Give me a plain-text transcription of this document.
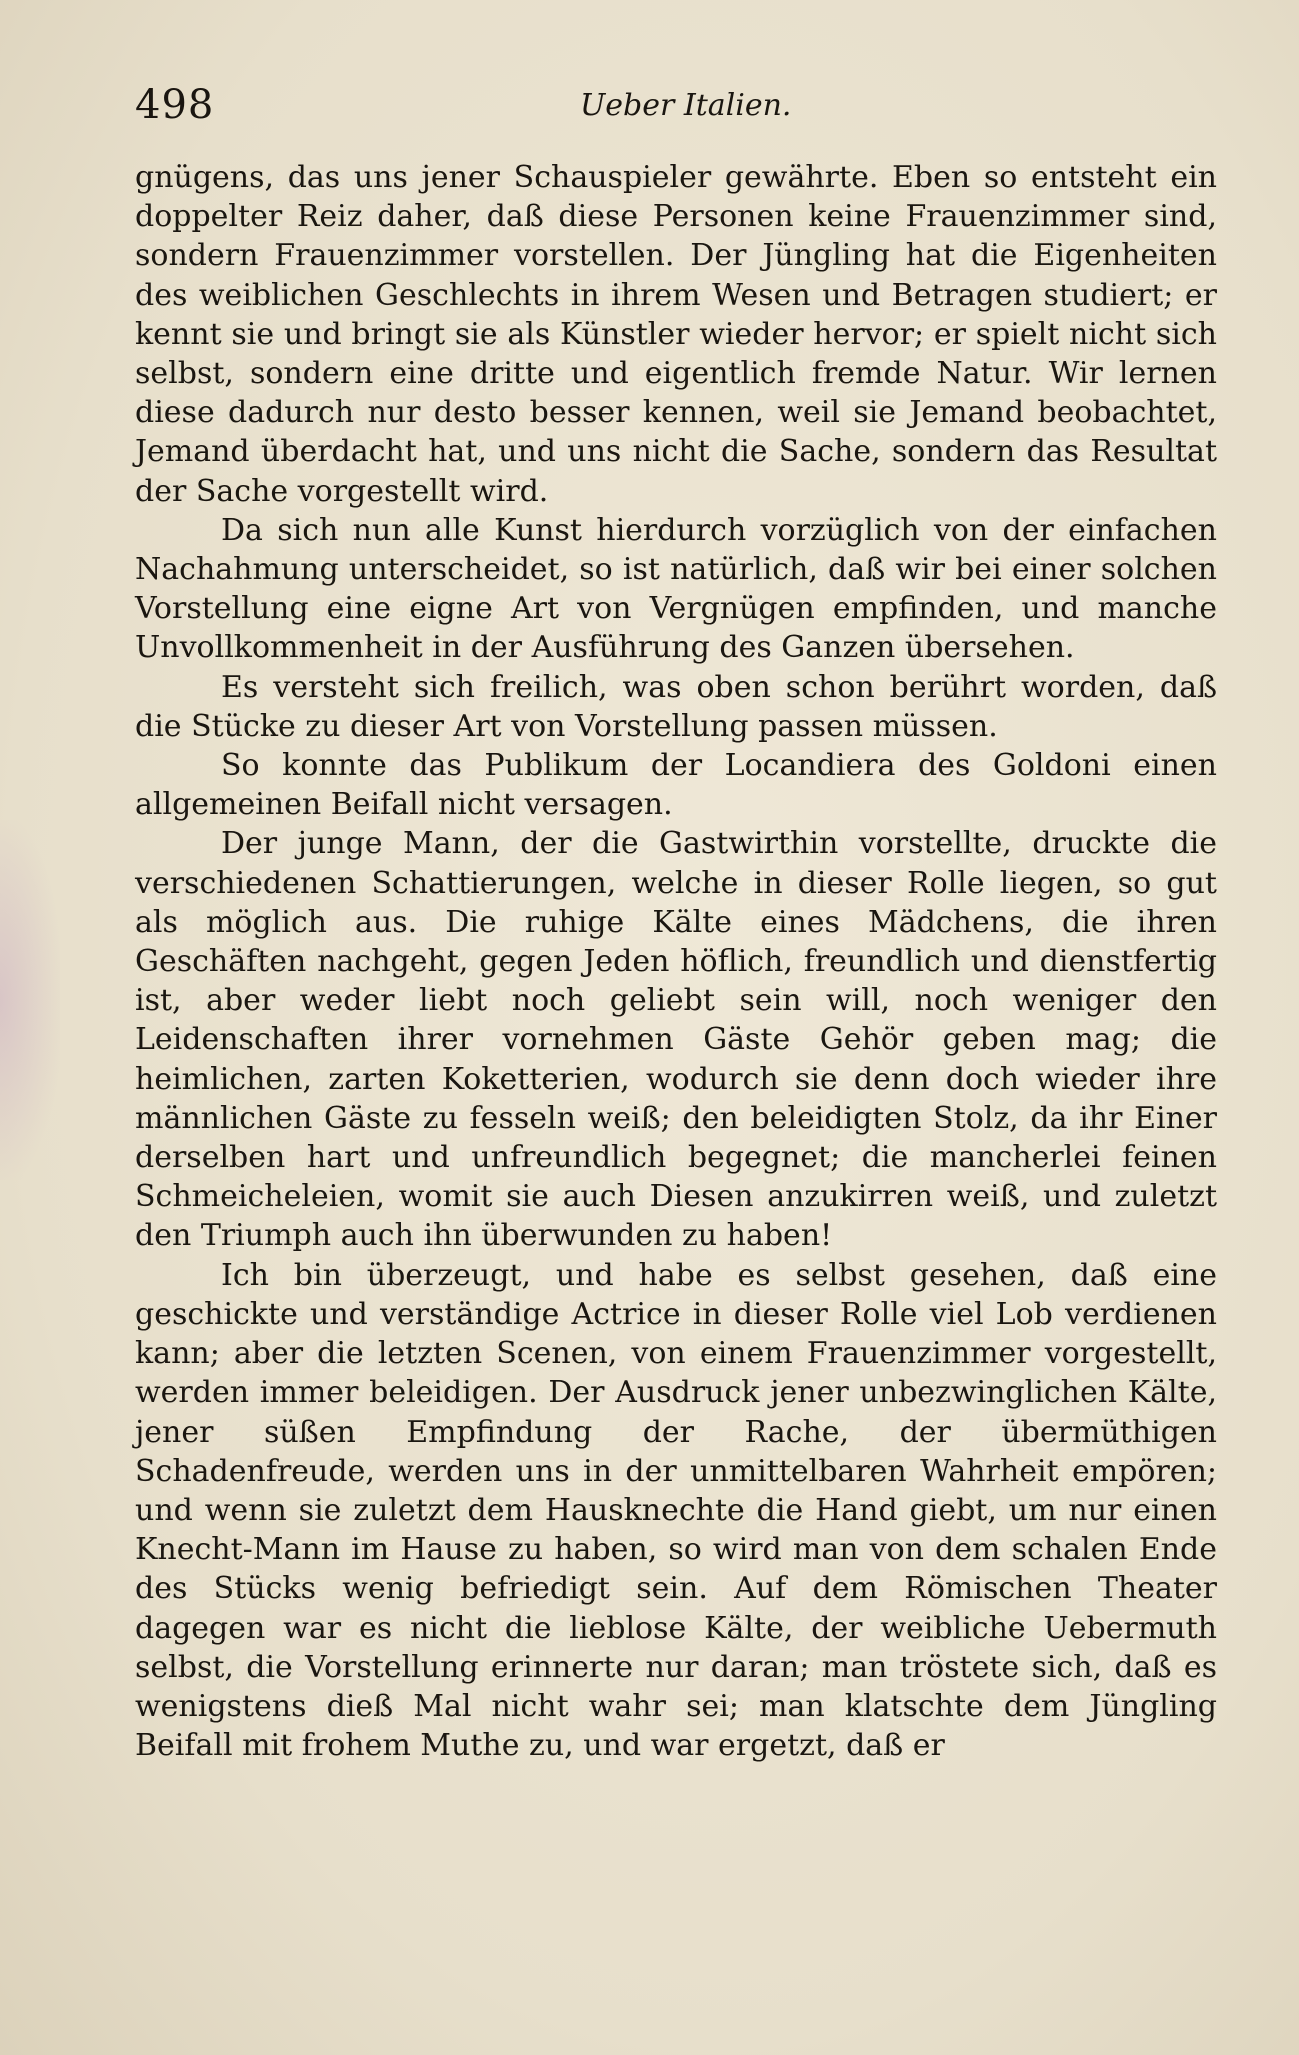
498	Ueber Italien.

gnügens, das uns jener Schauspieler gewährte. Eben so entsteht ein doppelter Reiz daher, daß diese Personen keine Frauenzimmer sind, sondern Frauenzimmer vorstellen. Der Jüngling hat die Eigenheiten des weiblichen Geschlechts in ihrem Wesen und Betragen studiert; er kennt sie und bringt sie als Künstler wieder hervor; er spielt nicht sich selbst, sondern eine dritte und eigentlich fremde Natur. Wir lernen diese dadurch nur desto besser kennen, weil sie Jemand beobachtet, Jemand überdacht hat, und uns nicht die Sache, sondern das Resultat der Sache vorgestellt wird.

Da sich nun alle Kunst hierdurch vorzüglich von der einfachen Nachahmung unterscheidet, so ist natürlich, daß wir bei einer solchen Vorstellung eine eigne Art von Vergnügen empfinden, und manche Unvollkommenheit in der Ausführung des Ganzen übersehen.

Es versteht sich freilich, was oben schon berührt worden, daß die Stücke zu dieser Art von Vorstellung passen müssen.

So konnte das Publikum der Locandiera des Goldoni einen allgemeinen Beifall nicht versagen.

Der junge Mann, der die Gastwirthin vorstellte, druckte die verschiedenen Schattierungen, welche in dieser Rolle liegen, so gut als möglich aus. Die ruhige Kälte eines Mädchens, die ihren Geschäften nachgeht, gegen Jeden höflich, freundlich und dienstfertig ist, aber weder liebt noch geliebt sein will, noch weniger den Leidenschaften ihrer vornehmen Gäste Gehör geben mag; die heimlichen, zarten Koketterien, wodurch sie denn doch wieder ihre männlichen Gäste zu fesseln weiß; den beleidigten Stolz, da ihr Einer derselben hart und unfreundlich begegnet; die mancherlei feinen Schmeicheleien, womit sie auch Diesen anzukirren weiß, und zuletzt den Triumph auch ihn überwunden zu haben!

Ich bin überzeugt, und habe es selbst gesehen, daß eine geschickte und verständige Actrice in dieser Rolle viel Lob verdienen kann; aber die letzten Scenen, von einem Frauenzimmer vorgestellt, werden immer beleidigen. Der Ausdruck jener unbezwinglichen Kälte, jener süßen Empfindung der Rache, der übermüthigen Schadenfreude, werden uns in der unmittelbaren Wahrheit empören; und wenn sie zuletzt dem Hausknechte die Hand giebt, um nur einen Knecht-Mann im Hause zu haben, so wird man von dem schalen Ende des Stücks wenig befriedigt sein. Auf dem Römischen Theater dagegen war es nicht die lieblose Kälte, der weibliche Uebermuth selbst, die Vorstellung erinnerte nur daran; man tröstete sich, daß es wenigstens dieß Mal nicht wahr sei; man klatschte dem Jüngling Beifall mit frohem Muthe zu, und war ergetzt, daß er
